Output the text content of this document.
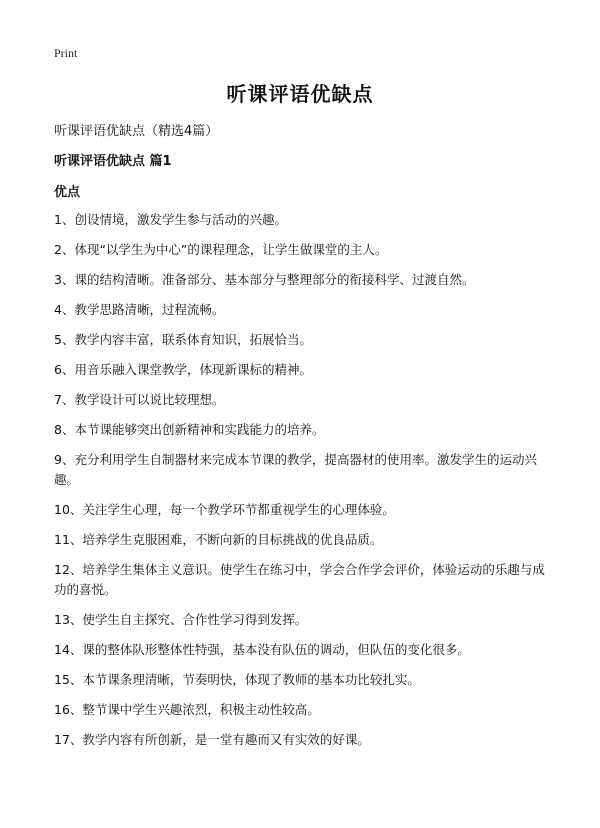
Print
听课评语优缺点
听课评语优缺点（精选4篇）
听课评语优缺点 篇1
优点
1、创设情境，激发学生参与活动的兴趣。
2、体现“以学生为中心”的课程理念，让学生做课堂的主人。
3、课的结构清晰。准备部分、基本部分与整理部分的衔接科学、过渡自然。
4、教学思路清晰，过程流畅。
5、教学内容丰富，联系体育知识，拓展恰当。
6、用音乐融入课堂教学，体现新课标的精神。
7、教学设计可以说比较理想。
8、本节课能够突出创新精神和实践能力的培养。
9、充分利用学生自制器材来完成本节课的教学，提高器材的使用率。激发学生的运动兴趣。
10、关注学生心理，每一个教学环节都重视学生的心理体验。
11、培养学生克服困难，不断向新的目标挑战的优良品质。
12、培养学生集体主义意识。使学生在练习中，学会合作学会评价，体验运动的乐趣与成功的喜悦。
13、使学生自主探究、合作性学习得到发挥。
14、课的整体队形整体性特强，基本没有队伍的调动，但队伍的变化很多。
15、本节课条理清晰，节奏明快，体现了教师的基本功比较扎实。
16、整节课中学生兴趣浓烈，积极主动性较高。
17、教学内容有所创新，是一堂有趣而又有实效的好课。
